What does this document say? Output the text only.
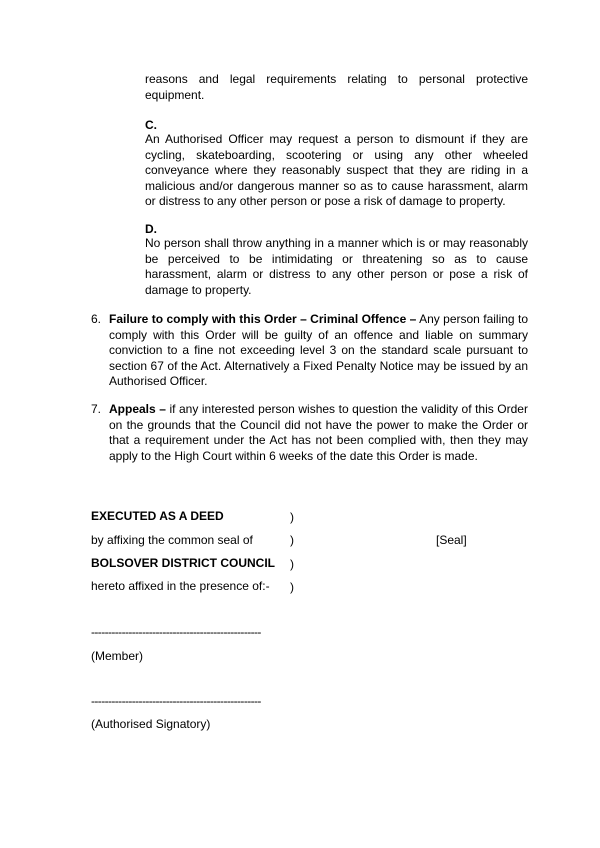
reasons and legal requirements relating to personal protective equipment.

C.

An Authorised Officer may request a person to dismount if they are cycling, skateboarding, scootering or using any other wheeled conveyance where they reasonably suspect that they are riding in a malicious and/or dangerous manner so as to cause harassment, alarm or distress to any other person or pose a risk of damage to property.

D.

No person shall throw anything in a manner which is or may reasonably be perceived to be intimidating or threatening so as to cause harassment, alarm or distress to any other person or pose a risk of damage to property.

6. Failure to comply with this Order – Criminal Offence – Any person failing to comply with this Order will be guilty of an offence and liable on summary conviction to a fine not exceeding level 3 on the standard scale pursuant to section 67 of the Act. Alternatively a Fixed Penalty Notice may be issued by an Authorised Officer.

7. Appeals – if any interested person wishes to question the validity of this Order on the grounds that the Council did not have the power to make the Order or that a requirement under the Act has not been complied with, then they may apply to the High Court within 6 weeks of the date this Order is made.

EXECUTED AS A DEED	)
by affixing the common seal of	)	[Seal]
BOLSOVER DISTRICT COUNCIL )
hereto affixed in the presence of:- )
--------------------------------------------------
(Member)
--------------------------------------------------
(Authorised Signatory)
